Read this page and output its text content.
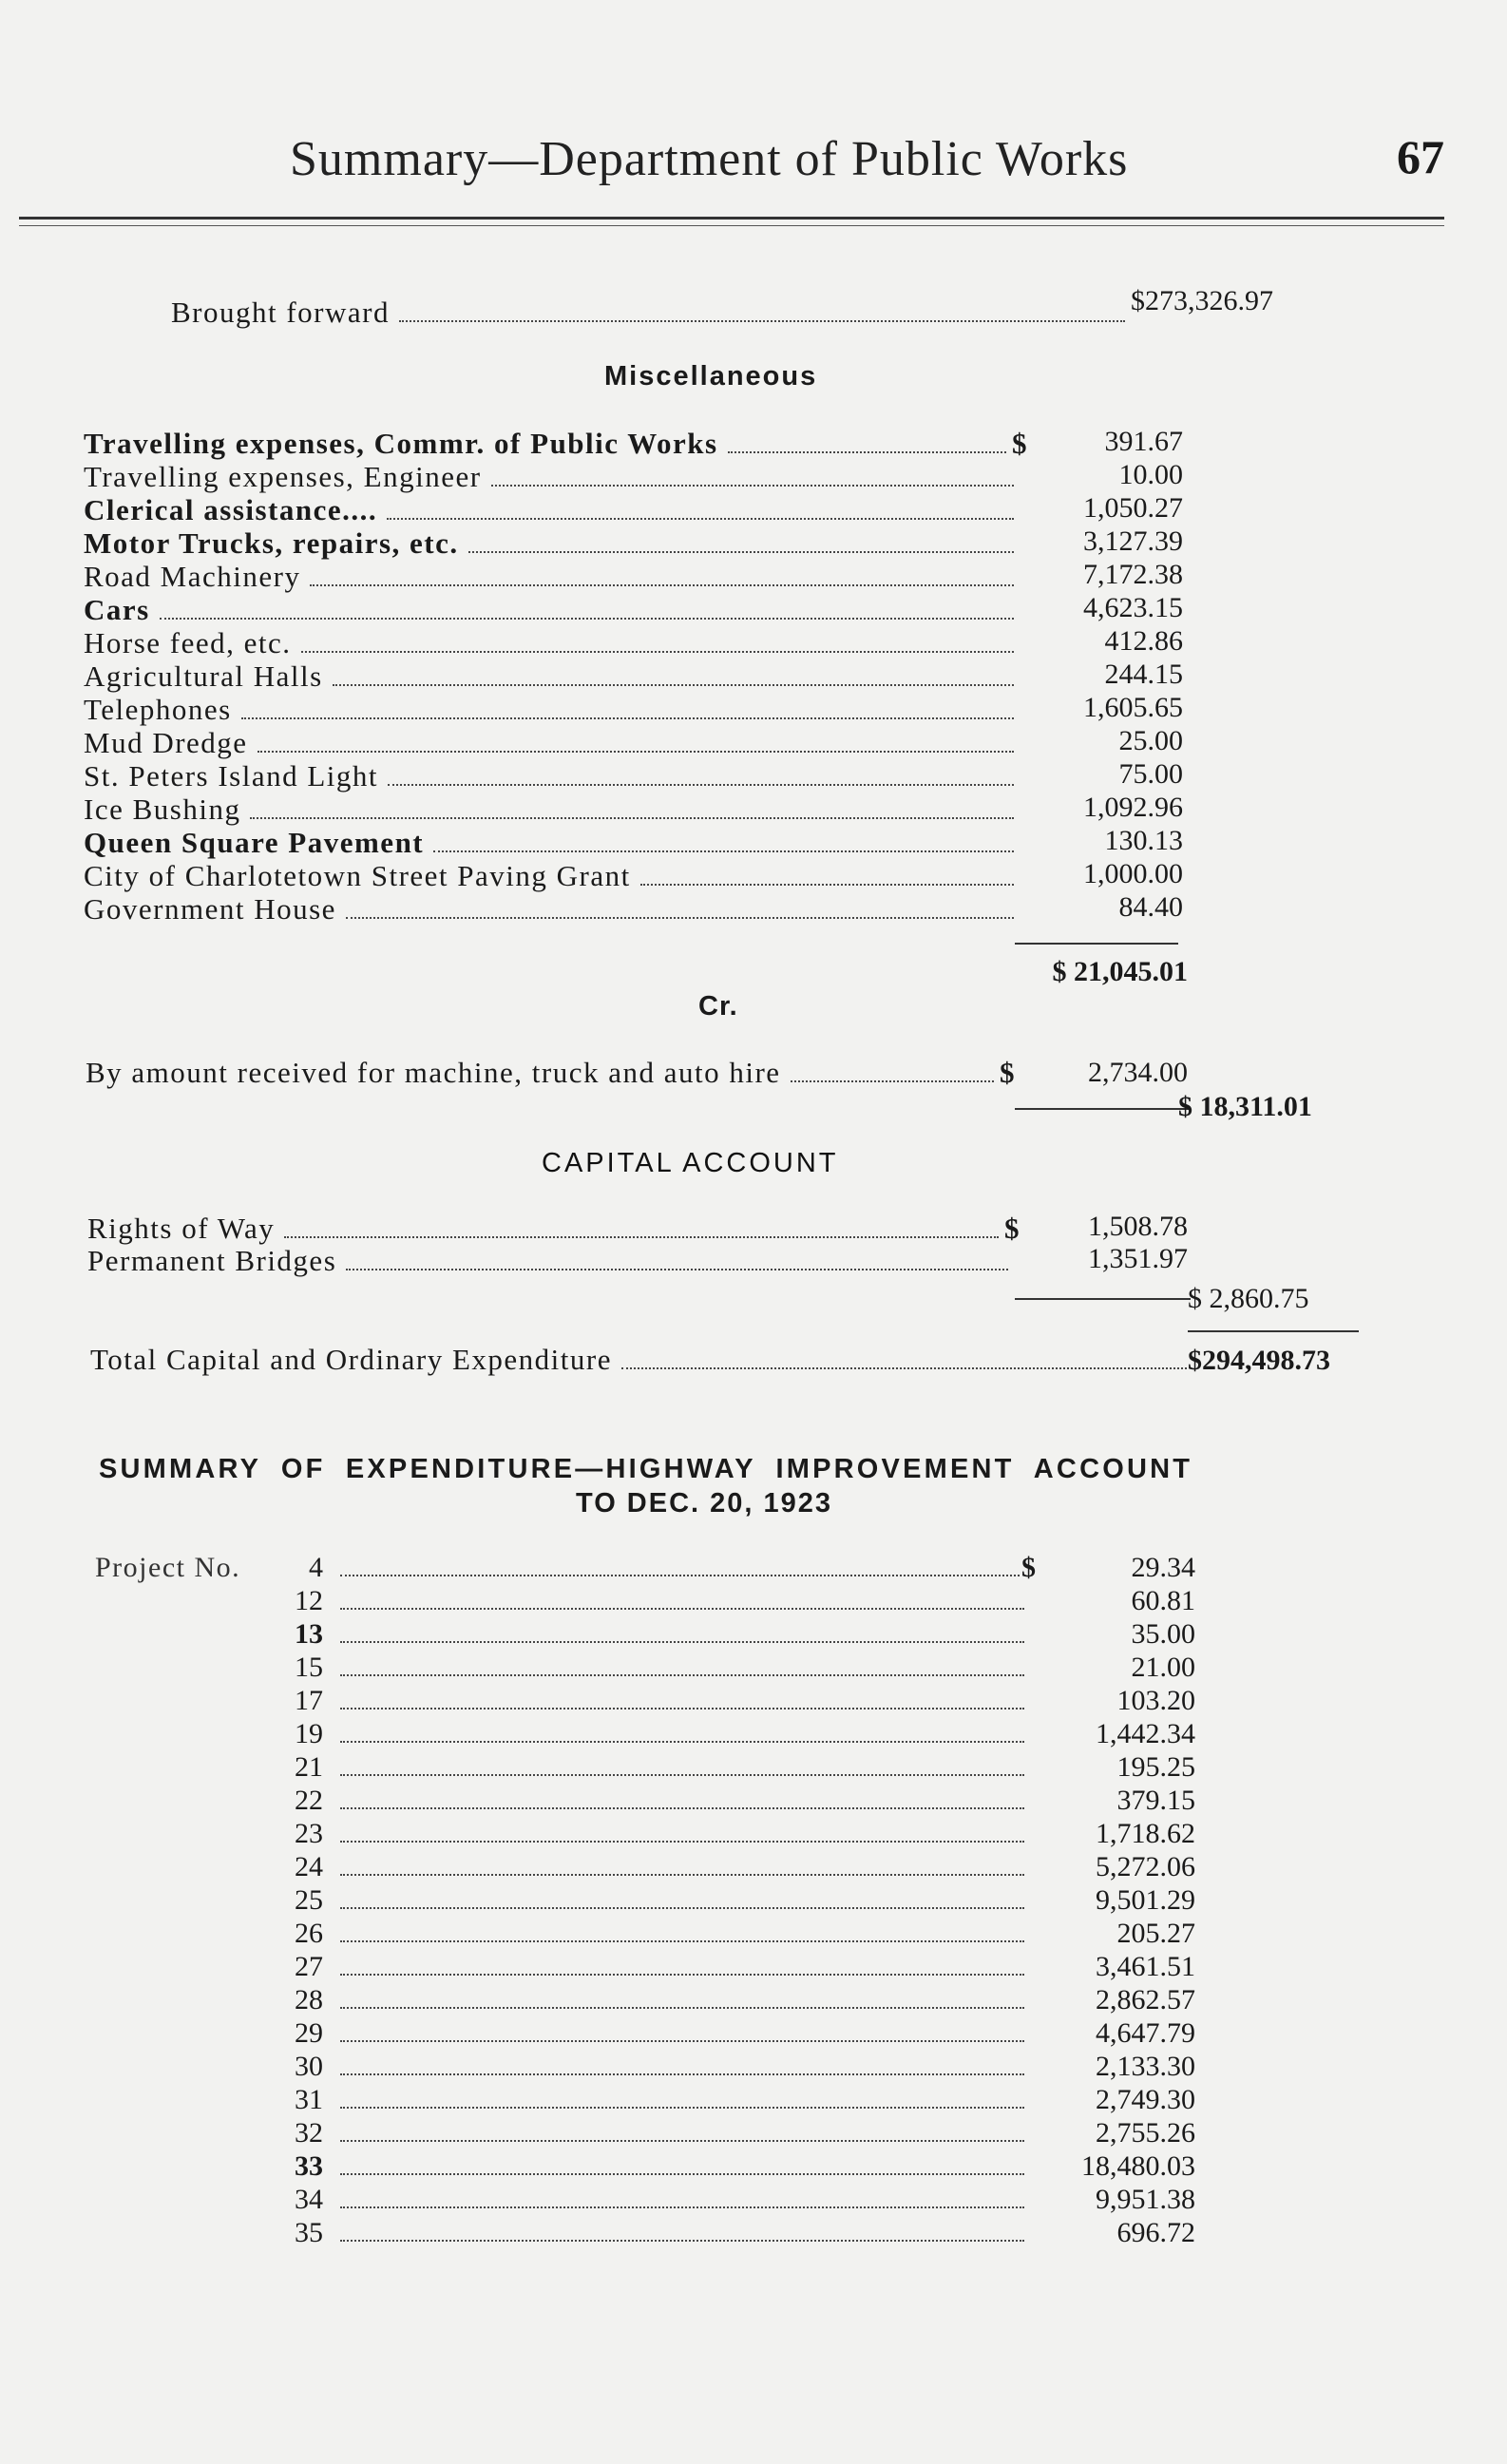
Summary—Department of Public Works	67
Brought forward	$273,326.97
Miscellaneous
Travelling expenses, Commr. of Public Works	$	391.67
Travelling expenses, Engineer	10.00
Clerical assistance....	1,050.27
Motor Trucks, repairs, etc.	3,127.39
Road Machinery	7,172.38
Cars	4,623.15
Horse feed, etc.	412.86
Agricultural Halls	244.15
Telephones	1,605.65
Mud Dredge	25.00
St. Peters Island Light	75.00
Ice Bushing	1,092.96
Queen Square Pavement	130.13
City of Charlotetown Street Paving Grant	1,000.00
Government House	84.40
$ 21,045.01
Cr.
By amount received for machine, truck and auto hire	$	2,734.00
$ 18,311.01
CAPITAL ACCOUNT
Rights of Way	$	1,508.78
Permanent Bridges	1,351.97
$ 2,860.75
Total Capital and Ordinary Expenditure	$294,498.73
SUMMARY OF EXPENDITURE—HIGHWAY IMPROVEMENT ACCOUNT
TO DEC. 20, 1923
Project No.	4	$	29.34
12	60.81
13	35.00
15	21.00
17	103.20
19	1,442.34
21	195.25
22	379.15
23	1,718.62
24	5,272.06
25	9,501.29
26	205.27
27	3,461.51
28	2,862.57
29	4,647.79
30	2,133.30
31	2,749.30
32	2,755.26
33	18,480.03
34	9,951.38
35	696.72
